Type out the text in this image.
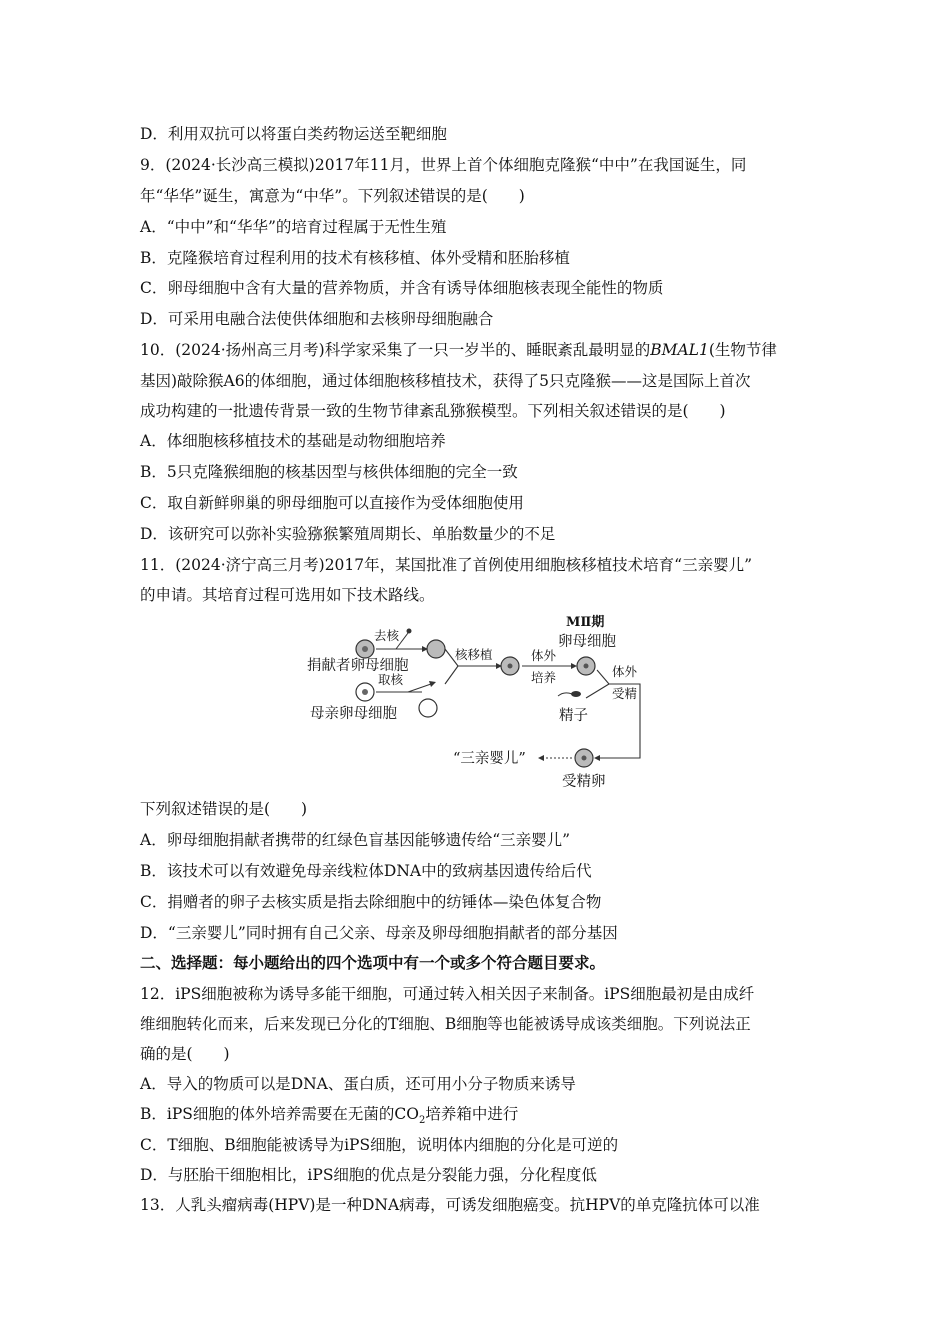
D．利用双抗可以将蛋白类药物运送至靶细胞
9．(2024·长沙高三模拟)2017年11月，世界上首个体细胞克隆猴“中中”在我国诞生，同
年“华华”诞生，寓意为“中华”。下列叙述错误的是(　　)
A．“中中”和“华华”的培育过程属于无性生殖
B．克隆猴培育过程利用的技术有核移植、体外受精和胚胎移植
C．卵母细胞中含有大量的营养物质，并含有诱导体细胞核表现全能性的物质
D．可采用电融合法使供体细胞和去核卵母细胞融合
10．(2024·扬州高三月考)科学家采集了一只一岁半的、睡眠紊乱最明显的BMAL1(生物节律
基因)敲除猴A6的体细胞，通过体细胞核移植技术，获得了5只克隆猴——这是国际上首次
成功构建的一批遗传背景一致的生物节律紊乱猕猴模型。下列相关叙述错误的是(　　)
A．体细胞核移植技术的基础是动物细胞培养
B．5只克隆猴细胞的核基因型与核供体细胞的完全一致
C．取自新鲜卵巢的卵母细胞可以直接作为受体细胞使用
D．该研究可以弥补实验猕猴繁殖周期长、单胎数量少的不足
11．(2024·济宁高三月考)2017年，某国批准了首例使用细胞核移植技术培育“三亲婴儿”
的申请。其培育过程可选用如下技术路线。
去核
捐献者卵母细胞
取核
母亲卵母细胞
核移植	体外
培养
MⅡ期
卵母细胞
精子
体外
受精
受精卵
“三亲婴儿”
下列叙述错误的是(　　)
A．卵母细胞捐献者携带的红绿色盲基因能够遗传给“三亲婴儿”
B．该技术可以有效避免母亲线粒体DNA中的致病基因遗传给后代
C．捐赠者的卵子去核实质是指去除细胞中的纺锤体—染色体复合物
D．“三亲婴儿”同时拥有自己父亲、母亲及卵母细胞捐献者的部分基因
二、选择题：每小题给出的四个选项中有一个或多个符合题目要求。
12．iPS细胞被称为诱导多能干细胞，可通过转入相关因子来制备。iPS细胞最初是由成纤
维细胞转化而来，后来发现已分化的T细胞、B细胞等也能被诱导成该类细胞。下列说法正
确的是(　　)
A．导入的物质可以是DNA、蛋白质，还可用小分子物质来诱导
B．iPS细胞的体外培养需要在无菌的$CO_2$培养箱中进行
C．T细胞、B细胞能被诱导为iPS细胞，说明体内细胞的分化是可逆的
D．与胚胎干细胞相比，iPS细胞的优点是分裂能力强，分化程度低
13．人乳头瘤病毒(HPV)是一种DNA病毒，可诱发细胞癌变。抗HPV的单克隆抗体可以准
